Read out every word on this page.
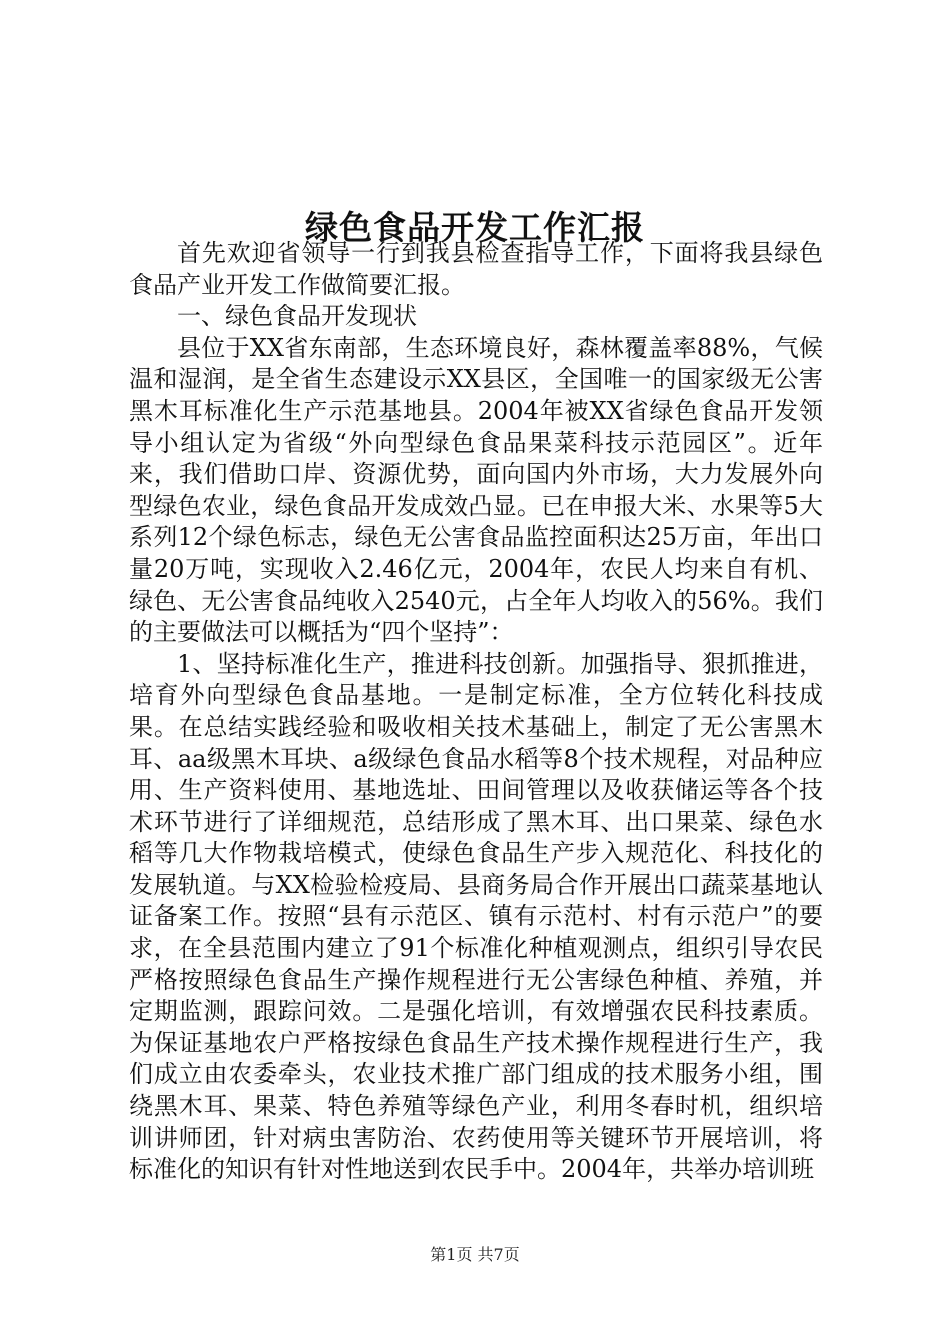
绿色食品开发工作汇报

首先欢迎省领导一行到我县检查指导工作，下面将我县绿色食品产业开发工作做简要汇报。

一、绿色食品开发现状

县位于XX省东南部，生态环境良好，森林覆盖率88%，气候温和湿润，是全省生态建设示XX县区，全国唯一的国家级无公害黑木耳标准化生产示范基地县。2004年被XX省绿色食品开发领导小组认定为省级“外向型绿色食品果菜科技示范园区”。近年来，我们借助口岸、资源优势，面向国内外市场，大力发展外向型绿色农业，绿色食品开发成效凸显。已在申报大米、水果等5大系列12个绿色标志，绿色无公害食品监控面积达25万亩，年出口量20万吨，实现收入2.46亿元，2004年，农民人均来自有机、绿色、无公害食品纯收入2540元，占全年人均收入的56%。我们的主要做法可以概括为“四个坚持”：

1、坚持标准化生产，推进科技创新。加强指导、狠抓推进，培育外向型绿色食品基地。一是制定标准，全方位转化科技成果。在总结实践经验和吸收相关技术基础上，制定了无公害黑木耳、aa级黑木耳块、a级绿色食品水稻等8个技术规程，对品种应用、生产资料使用、基地选址、田间管理以及收获储运等各个技术环节进行了详细规范，总结形成了黑木耳、出口果菜、绿色水稻等几大作物栽培模式，使绿色食品生产步入规范化、科技化的发展轨道。与XX检验检疫局、县商务局合作开展出口蔬菜基地认证备案工作。按照“县有示范区、镇有示范村、村有示范户”的要求，在全县范围内建立了91个标准化种植观测点，组织引导农民严格按照绿色食品生产操作规程进行无公害绿色种植、养殖，并定期监测，跟踪问效。二是强化培训，有效增强农民科技素质。为保证基地农户严格按绿色食品生产技术操作规程进行生产，我们成立由农委牵头，农业技术推广部门组成的技术服务小组，围绕黑木耳、果菜、特色养殖等绿色产业，利用冬春时机，组织培训讲师团，针对病虫害防治、农药使用等关键环节开展培训，将标准化的知识有针对性地送到农民手中。2004年，共举办培训班

第1页 共7页
